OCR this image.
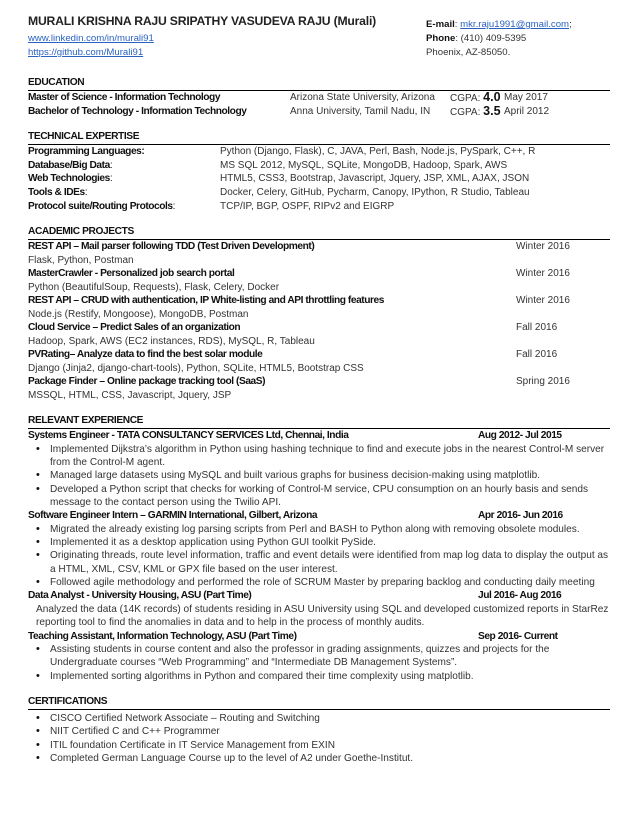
MURALI KRISHNA RAJU SRIPATHY VASUDEVA RAJU (Murali)
www.linkedin.com/in/murali91
https://github.com/Murali91
E-mail: mkr.raju1991@gmail.com;
Phone: (410) 409-5395
Phoenix, AZ-85050.
EDUCATION
Master of Science - Information Technology	Arizona State University, Arizona CGPA: 4.0 May 2017
Bachelor of Technology - Information Technology	Anna University, Tamil Nadu, IN CGPA: 3.5 April 2012
TECHNICAL EXPERTISE
Programming Languages:	Python (Django, Flask), C, JAVA, Perl, Bash, Node.js, PySpark, C++, R
Database/Big Data:	MS SQL 2012, MySQL, SQLite, MongoDB, Hadoop, Spark, AWS
Web Technologies:	HTML5, CSS3, Bootstrap, Javascript, Jquery, JSP, XML, AJAX, JSON
Tools & IDEs:	Docker, Celery, GitHub, Pycharm, Canopy, IPython, R Studio, Tableau
Protocol suite/Routing Protocols:	TCP/IP, BGP, OSPF, RIPv2 and EIGRP
ACADEMIC PROJECTS
REST API – Mail parser following TDD (Test Driven Development)	Winter 2016
Flask, Python, Postman
MasterCrawler - Personalized job search portal	Winter 2016
Python (BeautifulSoup, Requests), Flask, Celery, Docker
REST API – CRUD with authentication, IP White-listing and API throttling features	Winter 2016
Node.js (Restify, Mongoose), MongoDB, Postman
Cloud Service – Predict Sales of an organization	Fall 2016
Hadoop, Spark, AWS (EC2 instances, RDS), MySQL, R, Tableau
PVRating– Analyze data to find the best solar module	Fall 2016
Django (Jinja2, django-chart-tools), Python, SQLite, HTML5, Bootstrap CSS
Package Finder – Online package tracking tool (SaaS)	Spring 2016
MSSQL, HTML, CSS, Javascript, Jquery, JSP
RELEVANT EXPERIENCE
Systems Engineer - TATA CONSULTANCY SERVICES Ltd, Chennai, India	Aug 2012- Jul 2015
• Implemented Dijkstra’s algorithm in Python using hashing technique to find and execute jobs in the nearest Control-M server from the Control-M agent.
• Managed large datasets using MySQL and built various graphs for business decision-making using matplotlib.
• Developed a Python script that checks for working of Control-M service, CPU consumption on an hourly basis and sends message to the contact person using the Twilio API.
Software Engineer Intern – GARMIN International, Gilbert, Arizona	Apr 2016- Jun 2016
• Migrated the already existing log parsing scripts from Perl and BASH to Python along with removing obsolete modules.
• Implemented it as a desktop application using Python GUI toolkit PySide.
• Originating threads, route level information, traffic and event details were identified from map log data to display the output as a HTML, XML, CSV, KML or GPX file based on the user interest.
• Followed agile methodology and performed the role of SCRUM Master by preparing backlog and conducting daily meeting
Data Analyst - University Housing, ASU (Part Time)	Jul 2016- Aug 2016
Analyzed the data (14K records) of students residing in ASU University using SQL and developed customized reports in StarRez reporting tool to find the anomalies in data and to help in the process of monthly audits.
Teaching Assistant, Information Technology, ASU (Part Time)	Sep 2016- Current
• Assisting students in course content and also the professor in grading assignments, quizzes and projects for the Undergraduate courses “Web Programming” and “Intermediate DB Management Systems”.
• Implemented sorting algorithms in Python and compared their time complexity using matplotlib.
CERTIFICATIONS
• CISCO Certified Network Associate – Routing and Switching
• NIIT Certified C and C++ Programmer
• ITIL foundation Certificate in IT Service Management from EXIN
• Completed German Language Course up to the level of A2 under Goethe-Institut.
